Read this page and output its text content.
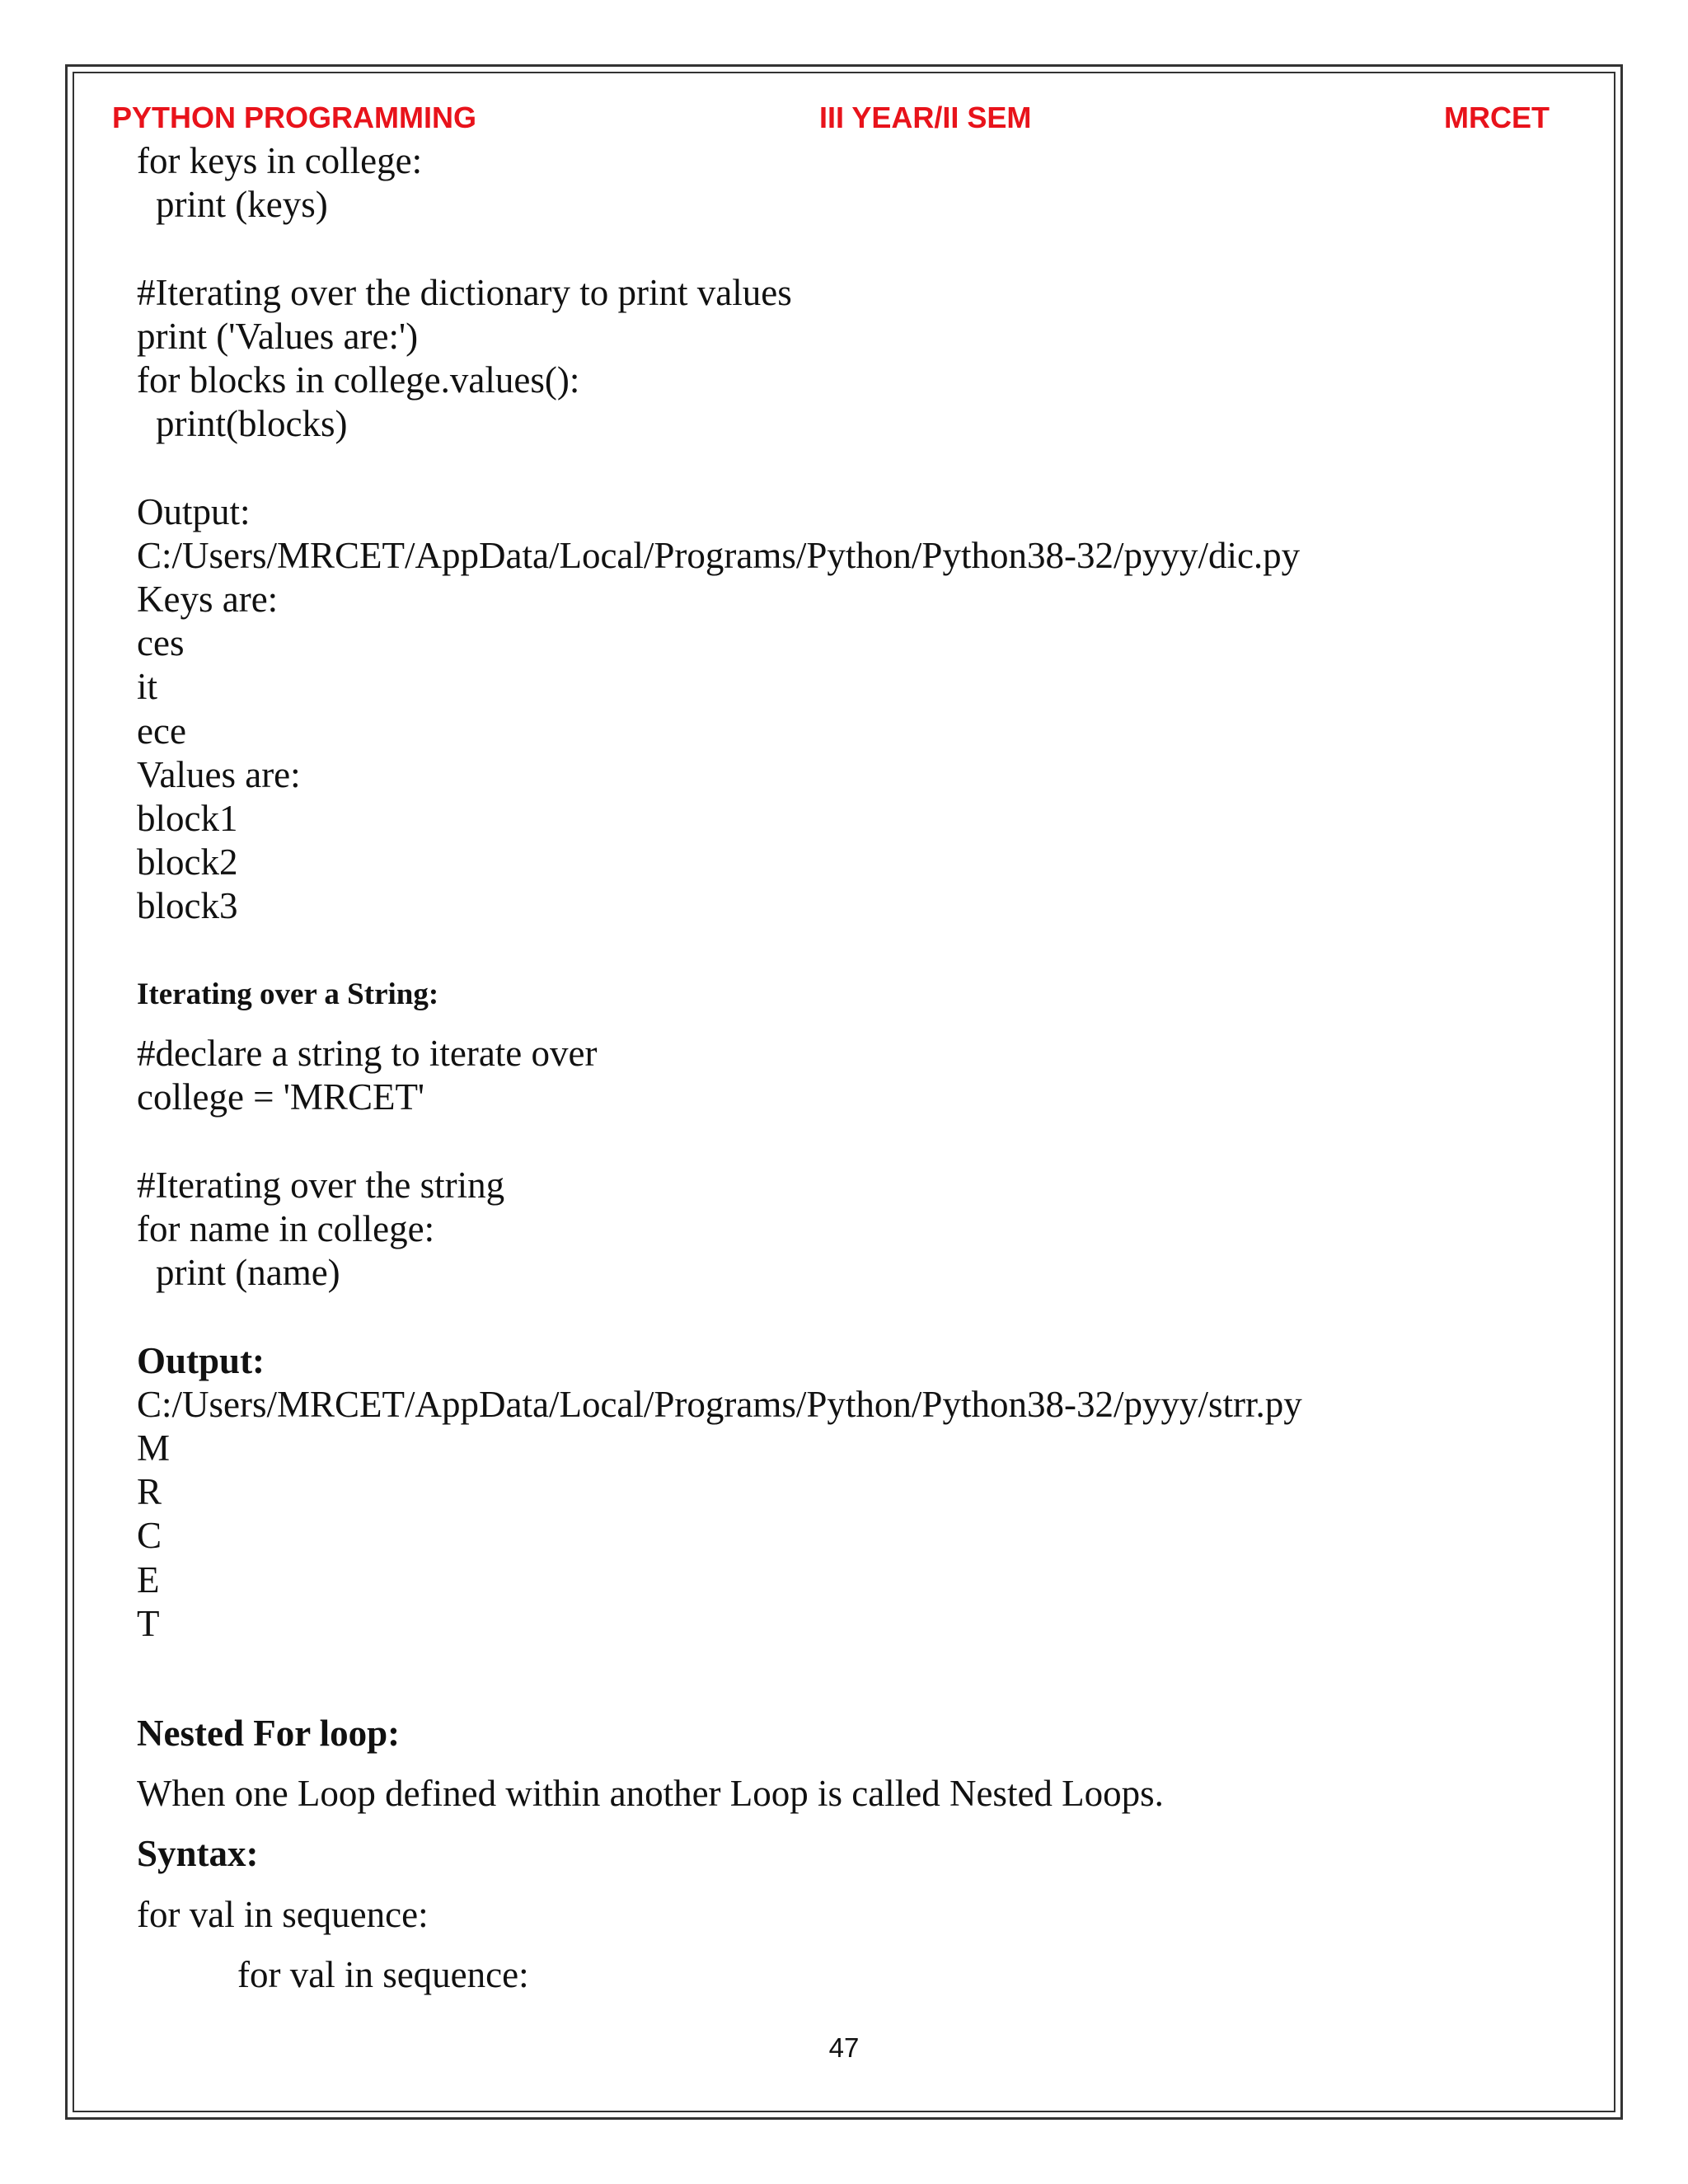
PYTHON PROGRAMMING	III YEAR/II SEM	MRCET
for keys in college:
print (keys)
#Iterating over the dictionary to print values
print ('Values are:')
for blocks in college.values():
print(blocks)
Output:
C:/Users/MRCET/AppData/Local/Programs/Python/Python38-32/pyyy/dic.py
Keys are:
ces
it
ece
Values are:
block1
block2
block3
Iterating over a String:
#declare a string to iterate over
college = 'MRCET'
#Iterating over the string
for name in college:
print (name)
Output:
C:/Users/MRCET/AppData/Local/Programs/Python/Python38-32/pyyy/strr.py
M
R
C
E
T
Nested For loop:
When one Loop defined within another Loop is called Nested Loops.
Syntax:
for val in sequence:
for val in sequence:
47
